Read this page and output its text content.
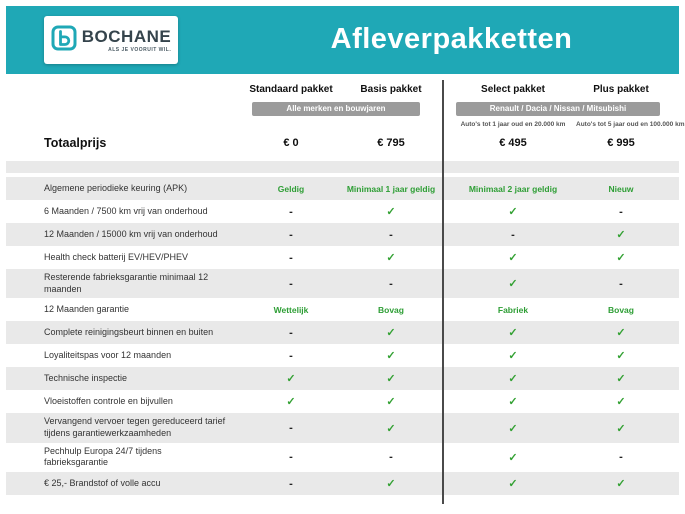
BOCHANE
ALS JE VOORUIT WIL.	Afleverpakketten
Standaard pakket	Basis pakket	Select pakket	Plus pakket
Alle merken en bouwjaren	Renault / Dacia / Nissan / Mitsubishi
Auto's tot 1 jaar oud en 20.000 km	Auto's tot 5 jaar oud en 100.000 km
Totaalprijs	€ 0	€ 795	€ 495	€ 995
Algemene periodieke keuring (APK)	Geldig	Minimaal 1 jaar geldig	Minimaal 2 jaar geldig	Nieuw
6 Maanden / 7500 km vrij van onderhoud	-	✓	✓	-
12 Maanden / 15000 km vrij van onderhoud	-	-	-	✓
Health check batterij EV/HEV/PHEV	-	✓	✓	✓
Resterende fabrieksgarantie minimaal 12 maanden	-	-	✓	-
12 Maanden garantie	Wettelijk	Bovag	Fabriek	Bovag
Complete reinigingsbeurt binnen en buiten	-	✓	✓	✓
Loyaliteitspas voor 12 maanden	-	✓	✓	✓
Technische inspectie	✓	✓	✓	✓
Vloeistoffen controle en bijvullen	✓	✓	✓	✓
Vervangend vervoer tegen gereduceerd tarief tijdens garantiewerkzaamheden	-	✓	✓	✓
Pechhulp Europa 24/7 tijdens fabrieksgarantie	-	-	✓	-
€ 25,- Brandstof of volle accu	-	✓	✓	✓
